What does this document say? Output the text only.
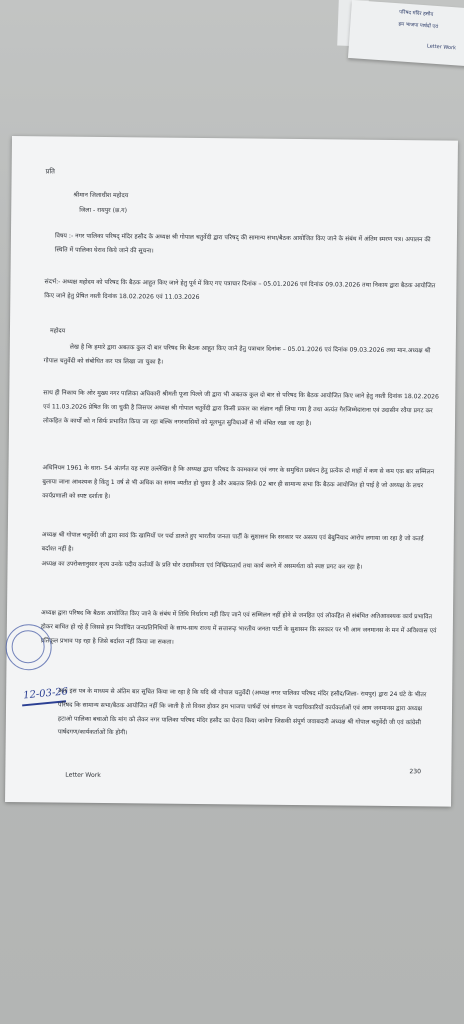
परिषद मंदिर हसौद
हम भाजपा पार्षदों एवं
Letter Work
प्रति
श्रीमान जिलाधीश महोदय
जिला - रायपुर (छ.ग)
विषय :- नगर पालिका परिषद् मंदिर हसौद के अध्यक्ष श्री गोपाल चतुर्वेदी द्वारा परिषद् की सामान्य सभा/बैठक आयोजित किए जाने के संबंध में अंतिम स्मरण पत्र। अपालन की स्थिति में पालिका घेराव किये जाने की सूचना।
संदर्भ:- अध्यक्ष महोदय को परिषद कि बैठक आहूत किए जाने हेतु पूर्व में किए गए पत्राचार दिनांक – 05.01.2026 एवं दिनांक 09.03.2026 तथा निकाय द्वारा बैठक आयोजित किए जाने हेतु प्रेषित नस्ती दिनांक 18.02.2026 एवं 11.03.2026
महोदय
लेख है कि हमारे द्वारा अबतक कुल दो बार परिषद कि बैठक आहूत किए जाने हेतु पत्राचार दिनांक – 05.01.2026 एवं दिनांक 09.03.2026 तथा मान.अध्यक्ष श्री गोपाल चतुर्वेदी को संबोधित कर पत्र लिखा जा चुका है।
साथ ही निकाय कि ओर मुख्य नगर पालिका अधिकारी श्रीमती पूजा पिल्ले जी द्वारा भी अबतक कुल दो बार से परिषद कि बैठक आयोजित किए जाने हेतु नस्ती दिनांक 18.02.2026 एवं 11.03.2026 प्रेषित कि जा चुकी है जिसपर अध्यक्ष श्री गोपाल चतुर्वेदी द्वारा किसी प्रकार का संज्ञान नहीं लिया गया है तथा अत्यंत गैरजिम्मेदाराना एवं उदासीन रवैया प्रगट कर लोकहित के कार्यों को न सिर्फ प्रभावित किया जा रहा बल्कि नगरवासियों को मूलभूत सुविधाओं से भी वंचित रखा जा रहा है।
अधिनियम 1961 के धारा- 54 अंतर्गत यह स्पष्ट उल्लेखित है कि अध्यक्ष द्वारा परिषद के कामकाज एवं नगर के समुचित प्रबंधन हेतु प्रत्येक दो माहों में कम से कम एक बार सम्मिलन बुलाया जाना आवश्यक है किंतु 1 वर्ष से भी अधिक का समय व्यतीत हो चुका है और अबतक सिर्फ 02 बार ही सामान्य सभा कि बैठक आयोजित हो पाई है जो अध्यक्ष के लचर कार्यप्रणाली को स्पष्ट दर्शाता है।
अध्यक्ष श्री गोपाल चतुर्वेदी जी द्वारा स्वयं कि खामियों पर पर्दा डालते हुए भारतीय जनता पार्टी के सुशासन कि सरकार पर असत्य एवं बेबुनियाद आरोप लगाया जा रहा है जो कतई बर्दाश्त नहीं है।
अध्यक्ष का उपरोक्तानुसार कृत्य उनके पदीय कर्तव्यों के प्रति घोर उदासीनता एवं निष्क्रियतार्थ तथा कार्य करने में असमर्थता को स्पष्ट प्रगट कर रहा है।
अध्यक्ष द्वारा परिषद कि बैठक आयोजित किए जाने के संबंध में तिथि निर्धारण नहीं किए जाने एवं सम्मिलन नहीं होने से जनहित एवं लोकहित से संबंधित अतिआवश्यक कार्य प्रभावित होकर बाधित हो रहे हैं जिससे हम निर्वाचित जनप्रतिनिधियों के साथ-साथ राज्य में सत्तारूढ़ भारतीय जनता पार्टी के सुशासन कि सरकार पर भी आम जनमानस के मन में अविश्वास एवं प्रतिकूल प्रभाव पड़ रहा है जिसे बर्दाश्त नहीं किया जा सकता।
12-03-26
अतः इस पत्र के माध्यम से अंतिम बार सूचित किया जा रहा है कि यदि श्री गोपाल चतुर्वेदी (अध्यक्ष नगर पालिका परिषद मंदिर हसौद/जिला- रायपुर) द्वारा 24 घंटे के भीतर परिषद कि सामान्य सभा/बैठक आयोजित नहीं कि जाती है तो विवश होकर हम भाजपा पार्षदों एवं संगठन के पदाधिकारियों कार्यकर्ताओं एवं आम जनमानस द्वारा अध्यक्ष हटाओ पालिका बचाओ कि मांग को लेकर नगर पालिका परिषद मंदिर हसौद का घेराव किया जावेगा जिसकी संपूर्ण जवाबदारी अध्यक्ष श्री गोपाल चतुर्वेदी जी एवं कांग्रेसी पार्षदगण/कार्यकर्ताओं कि होगी।
Letter Work	230
